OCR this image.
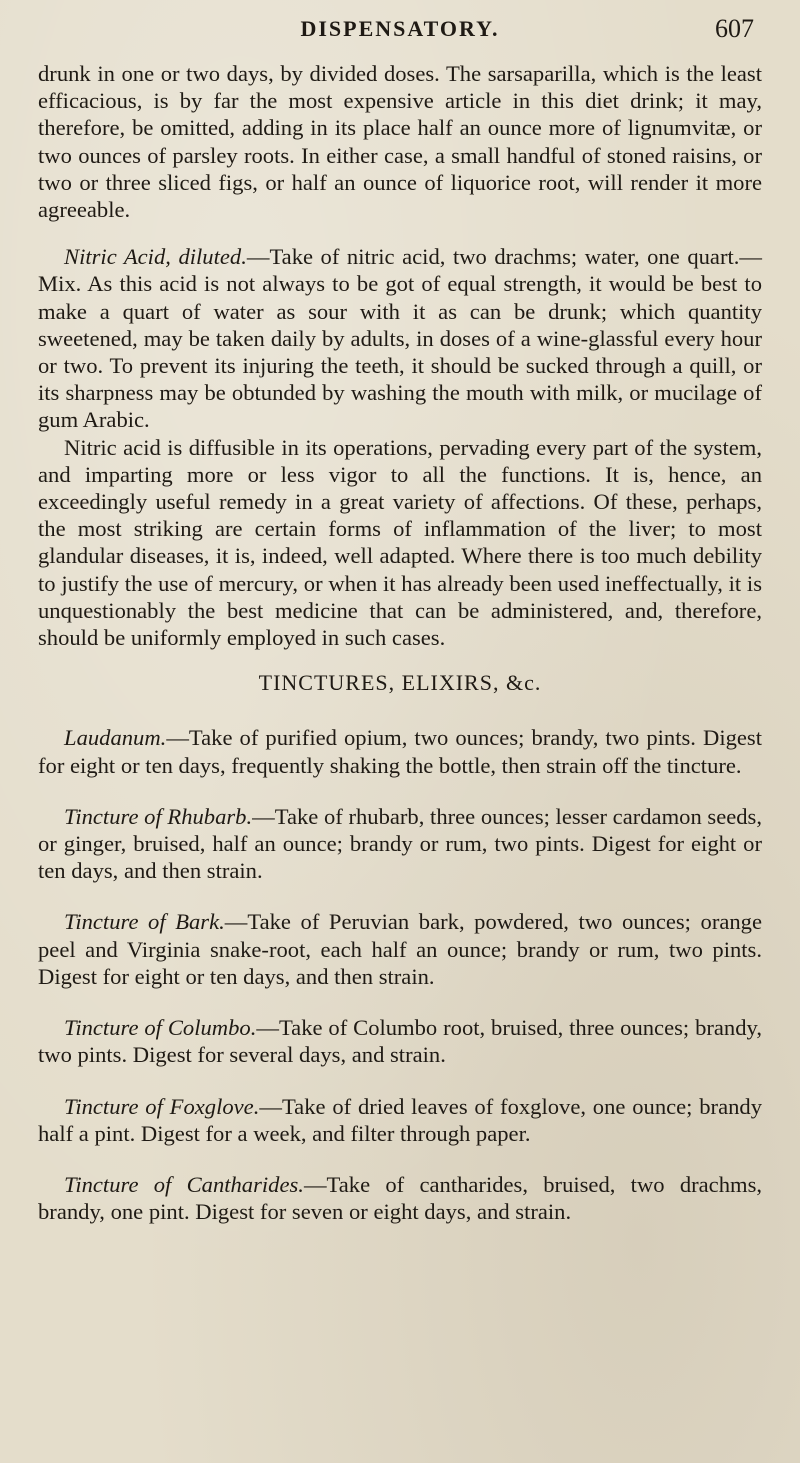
DISPENSATORY.	607

drunk in one or two days, by divided doses. The sarsaparilla, which is the least efficacious, is by far the most expensive article in this diet drink; it may, therefore, be omitted, adding in its place half an ounce more of lignumvitæ, or two ounces of parsley roots. In either case, a small handful of stoned raisins, or two or three sliced figs, or half an ounce of liquorice root, will render it more agreeable.

Nitric Acid, diluted.—Take of nitric acid, two drachms; water, one quart.—Mix. As this acid is not always to be got of equal strength, it would be best to make a quart of water as sour with it as can be drunk; which quantity sweetened, may be taken daily by adults, in doses of a wine-glassful every hour or two. To prevent its injuring the teeth, it should be sucked through a quill, or its sharpness may be obtunded by washing the mouth with milk, or mucilage of gum Arabic.

Nitric acid is diffusible in its operations, pervading every part of the system, and imparting more or less vigor to all the functions. It is, hence, an exceedingly useful remedy in a great variety of affections. Of these, perhaps, the most striking are certain forms of inflammation of the liver; to most glandular diseases, it is, indeed, well adapted. Where there is too much debility to justify the use of mercury, or when it has already been used ineffectually, it is unquestionably the best medicine that can be administered, and, therefore, should be uniformly employed in such cases.

TINCTURES, ELIXIRS, &c.

Laudanum.—Take of purified opium, two ounces; brandy, two pints. Digest for eight or ten days, frequently shaking the bottle, then strain off the tincture.

Tincture of Rhubarb.—Take of rhubarb, three ounces; lesser cardamon seeds, or ginger, bruised, half an ounce; brandy or rum, two pints. Digest for eight or ten days, and then strain.

Tincture of Bark.—Take of Peruvian bark, powdered, two ounces; orange peel and Virginia snake-root, each half an ounce; brandy or rum, two pints. Digest for eight or ten days, and then strain.

Tincture of Columbo.—Take of Columbo root, bruised, three ounces; brandy, two pints. Digest for several days, and strain.

Tincture of Foxglove.—Take of dried leaves of foxglove, one ounce; brandy half a pint. Digest for a week, and filter through paper.

Tincture of Cantharides.—Take of cantharides, bruised, two drachms, brandy, one pint. Digest for seven or eight days, and strain.
